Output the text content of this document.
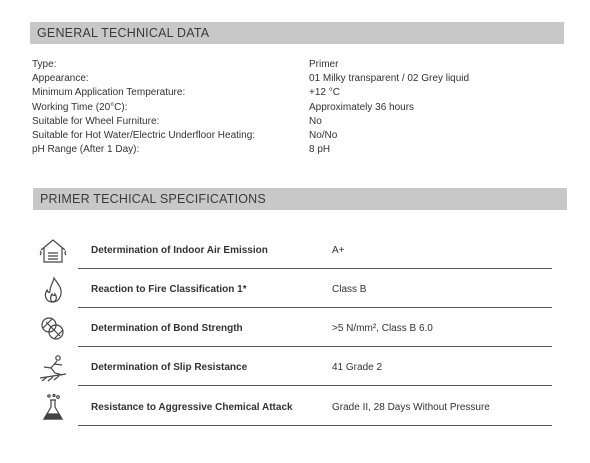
GENERAL TECHNICAL DATA
Type:	Primer
Appearance:	01 Milky transparent / 02 Grey liquid
Minimum Application Temperature:	+12 °C
Working Time (20°C):	Approximately 36 hours
Suitable for Wheel Furniture:	No
Suitable for Hot Water/Electric Underfloor Heating:	No/No
pH Range (After 1 Day):	8 pH
PRIMER TECHICAL SPECIFICATIONS
Determination of Indoor Air Emission	A+
Reaction to Fire Classification 1*	Class B
Determination of Bond Strength	>5 N/mm², Class B 6.0
Determination of Slip Resistance	41 Grade 2
Resistance to Aggressive Chemical Attack	Grade II, 28 Days Without Pressure
